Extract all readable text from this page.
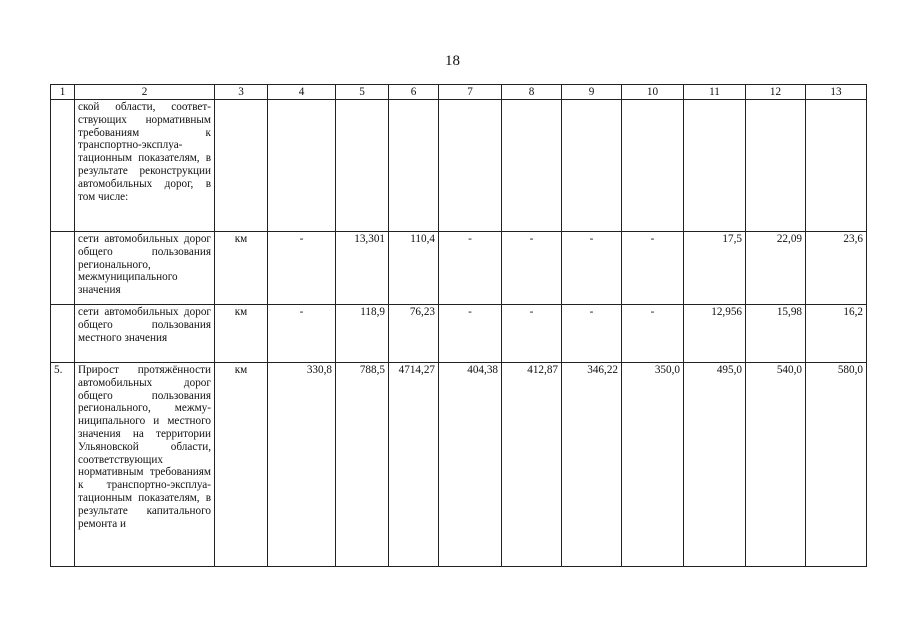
18
1	2	3	4	5	6	7	8	9	10	11	12	13
	ской области, соответствующих нормативным требованиям к транспортно-эксплуатационным показателям, в результате реконструкции автомобильных дорог, в том числе:											
	сети автомобильных дорог общего пользования регионального, межмуниципального значения	км	-	13,301	110,4	-	-	-	-	17,5	22,09	23,6
	сети автомобильных дорог общего пользования местного значения	км	-	118,9	76,23	-	-	-	-	12,956	15,98	16,2
5.	Прирост протяжённости автомобильных дорог общего пользования регионального, межмуниципального и местного значения на территории Ульяновской области, соответствующих нормативным требованиям к транспортно-эксплуатационным показателям, в результате капитального ремонта и	км	330,8	788,5	4714,27	404,38	412,87	346,22	350,0	495,0	540,0	580,0
